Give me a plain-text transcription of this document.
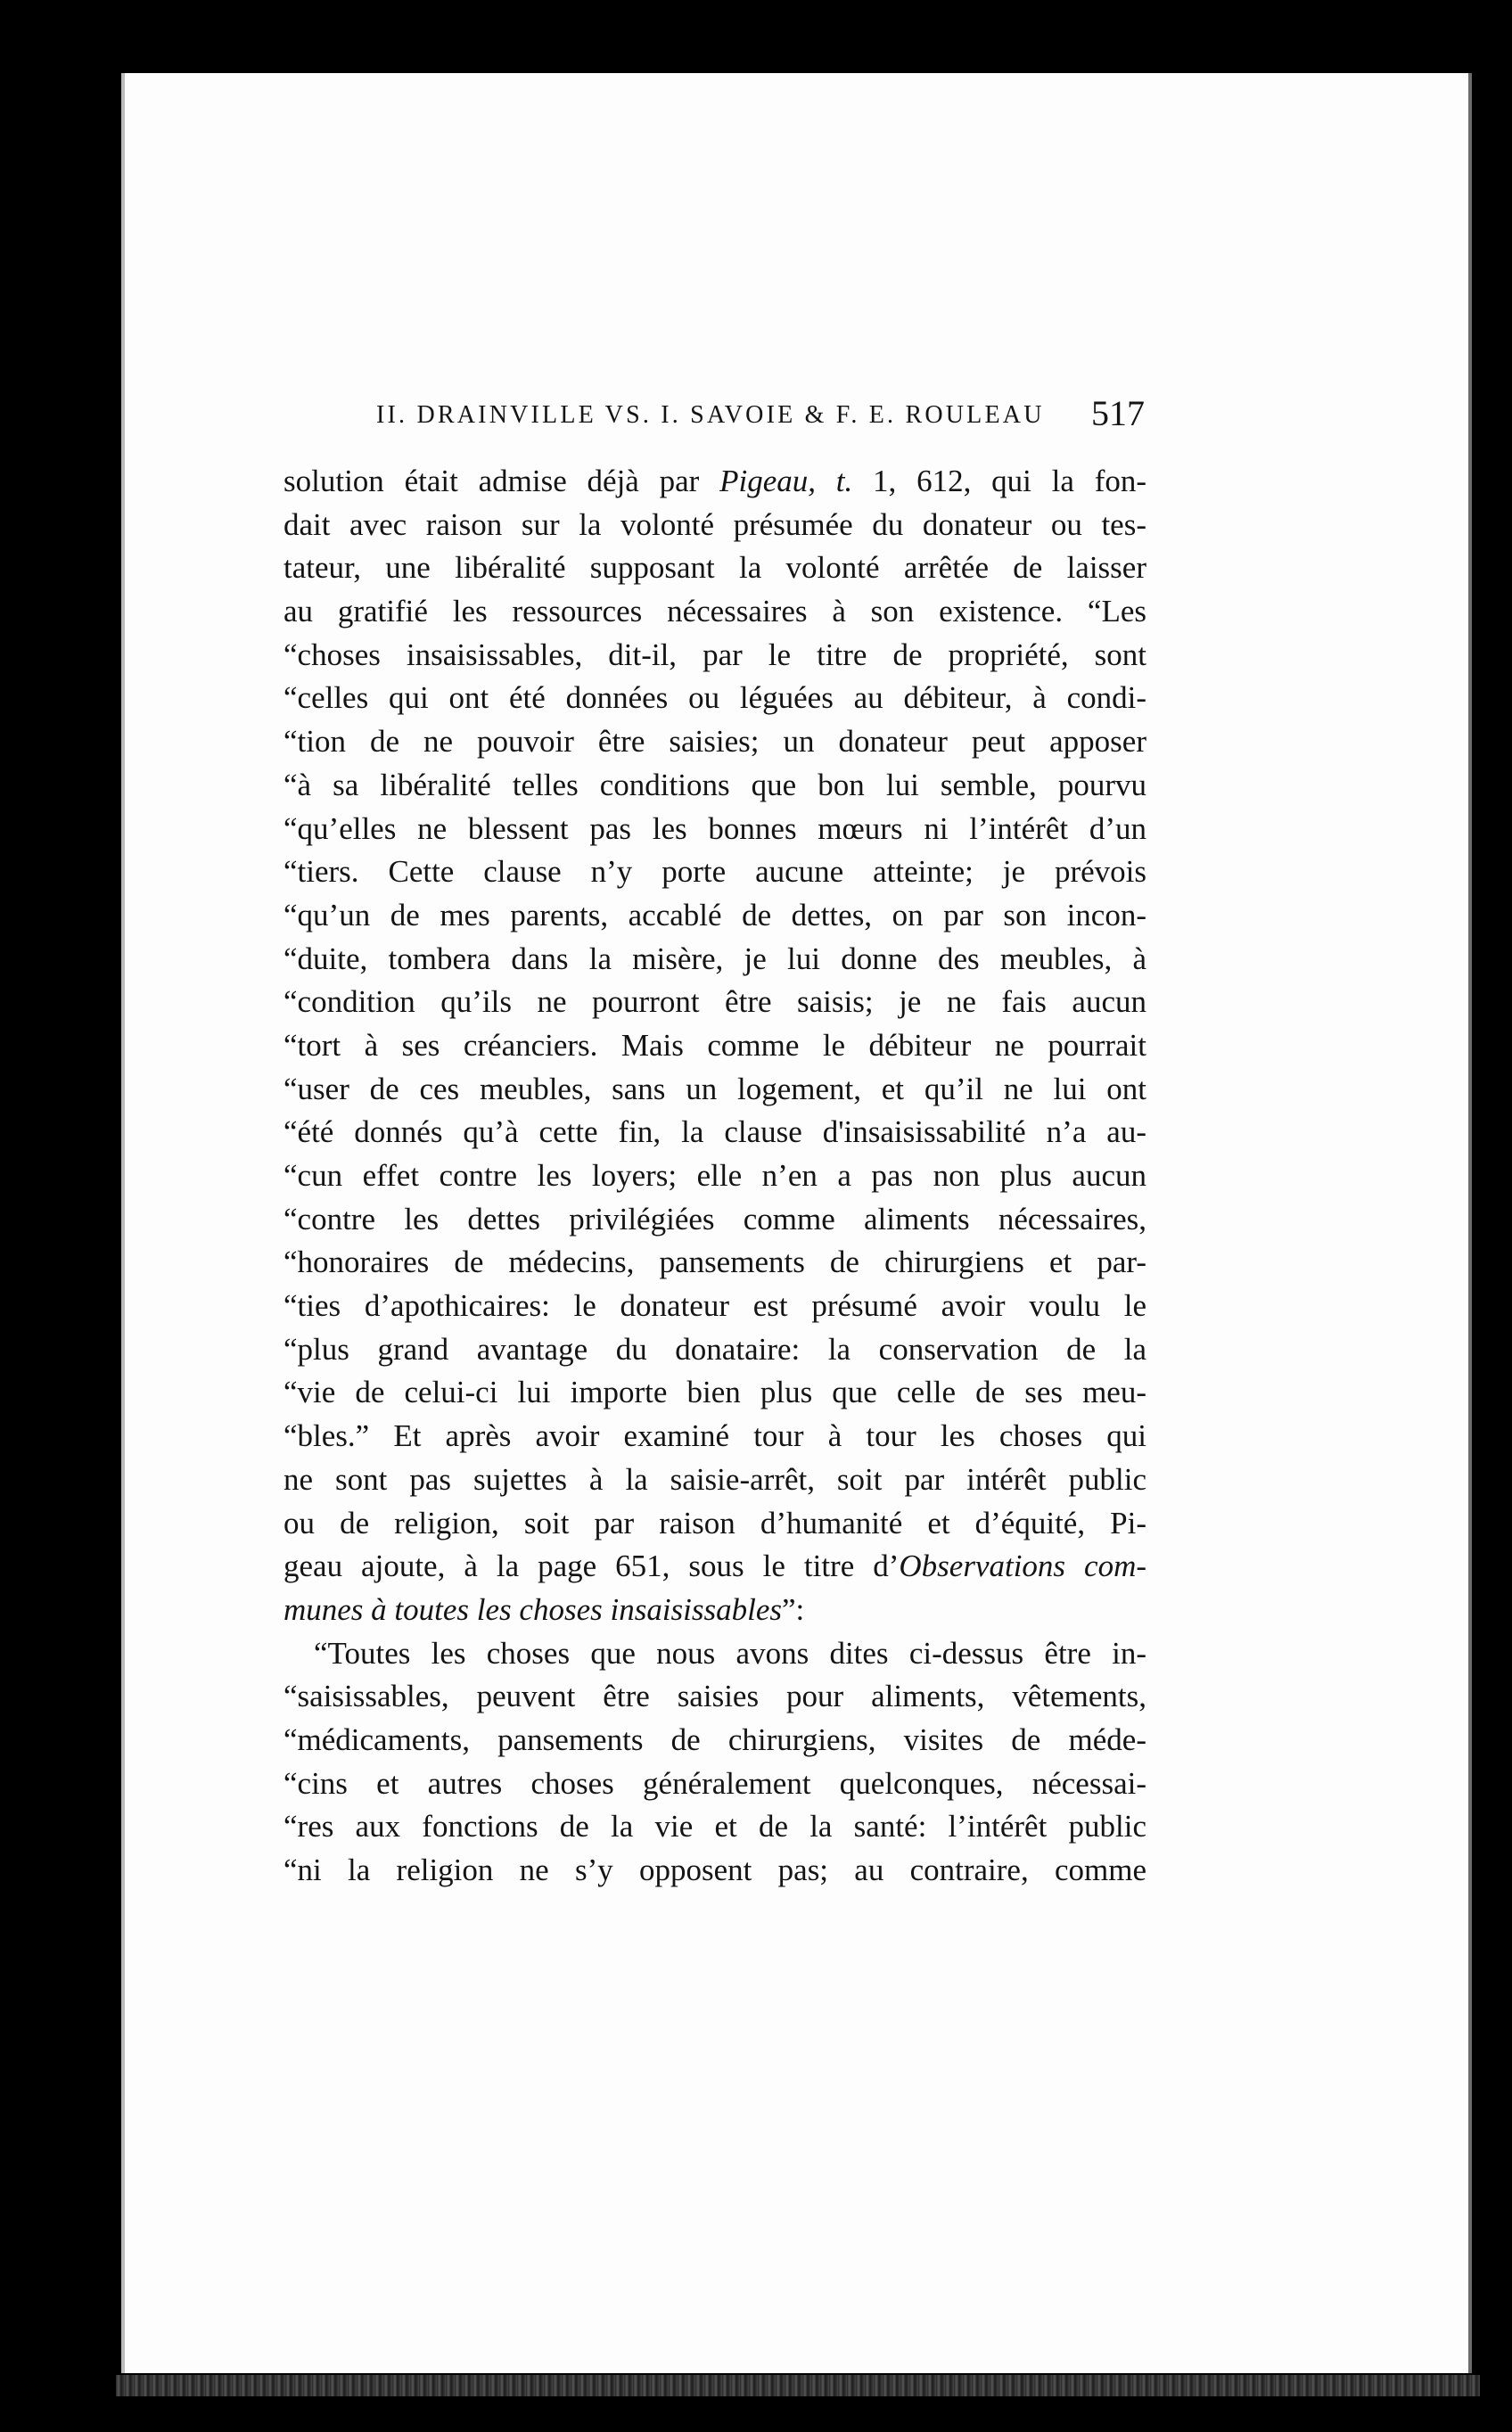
II. DRAINVILLE VS. I. SAVOIE & F. E. ROULEAU 517
solution était admise déjà par Pigeau, t. 1, 612, qui la fon-
dait avec raison sur la volonté présumée du donateur ou tes-
tateur, une libéralité supposant la volonté arrêtée de laisser
au gratifié les ressources nécessaires à son existence. “Les
“choses insaisissables, dit-il, par le titre de propriété, sont
“celles qui ont été données ou léguées au débiteur, à condi-
“tion de ne pouvoir être saisies; un donateur peut apposer
“à sa libéralité telles conditions que bon lui semble, pourvu
“qu’elles ne blessent pas les bonnes mœurs ni l’intérêt d’un
“tiers. Cette clause n’y porte aucune atteinte; je prévois
“qu’un de mes parents, accablé de dettes, on par son incon-
“duite, tombera dans la misère, je lui donne des meubles, à
“condition qu’ils ne pourront être saisis; je ne fais aucun
“tort à ses créanciers. Mais comme le débiteur ne pourrait
“user de ces meubles, sans un logement, et qu’il ne lui ont
“été donnés qu’à cette fin, la clause d'insaisissabilité n’a au-
“cun effet contre les loyers; elle n’en a pas non plus aucun
“contre les dettes privilégiées comme aliments nécessaires,
“honoraires de médecins, pansements de chirurgiens et par-
“ties d’apothicaires: le donateur est présumé avoir voulu le
“plus grand avantage du donataire: la conservation de la
“vie de celui-ci lui importe bien plus que celle de ses meu-
“bles.” Et après avoir examiné tour à tour les choses qui
ne sont pas sujettes à la saisie-arrêt, soit par intérêt public
ou de religion, soit par raison d’humanité et d’équité, Pi-
geau ajoute, à la page 651, sous le titre d’Observations com-
munes à toutes les choses insaisissables”:
“Toutes les choses que nous avons dites ci-dessus être in-
“saisissables, peuvent être saisies pour aliments, vêtements,
“médicaments, pansements de chirurgiens, visites de méde-
“cins et autres choses généralement quelconques, nécessai-
“res aux fonctions de la vie et de la santé: l’intérêt public
“ni la religion ne s’y opposent pas; au contraire, comme
